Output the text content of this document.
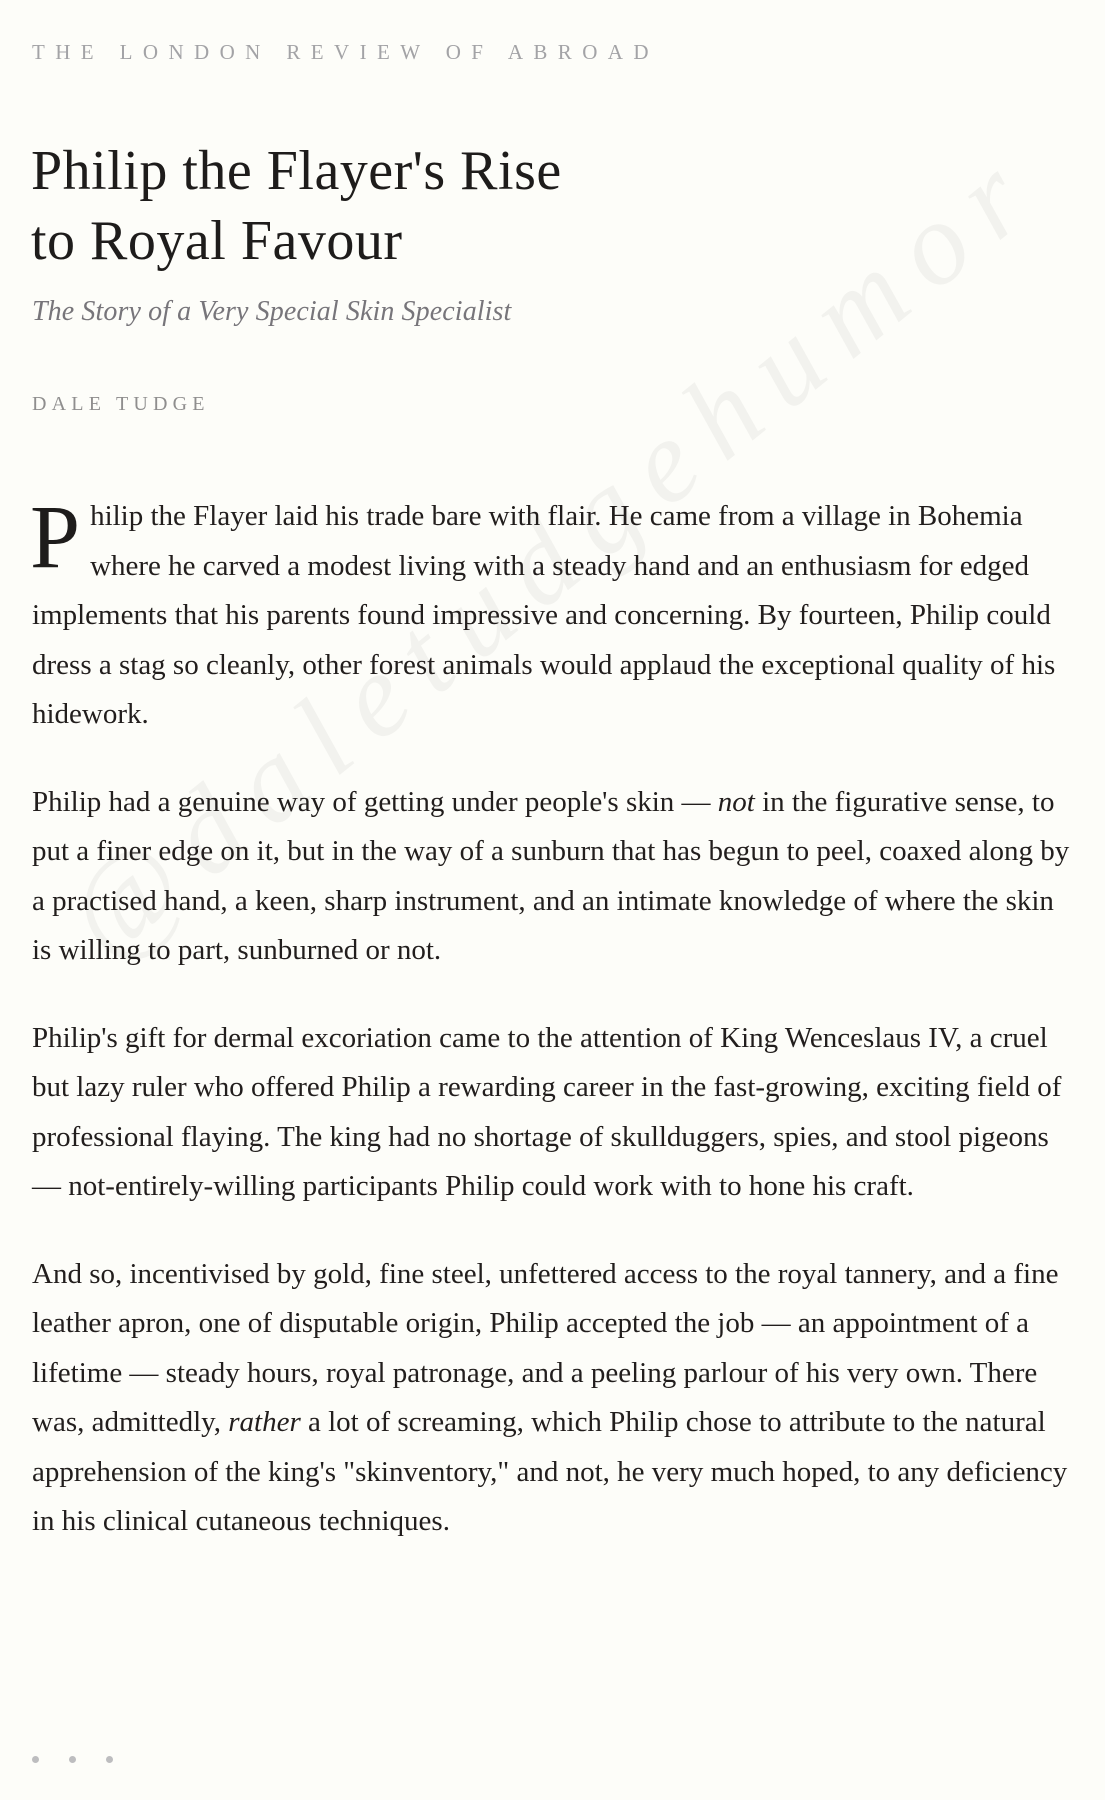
THE LONDON REVIEW OF ABROAD
Philip the Flayer's Rise
to Royal Favour

The Story of a Very Special Skin Specialist

DALE TUDGE

Philip the Flayer laid his trade bare with flair. He came from a village in Bohemia where he carved a modest living with a steady hand and an enthusiasm for edged implements that his parents found impressive and concerning. By fourteen, Philip could dress a stag so cleanly, other forest animals would applaud the exceptional quality of his hidework.

Philip had a genuine way of getting under people's skin — not in the figurative sense, to put a finer edge on it, but in the way of a sunburn that has begun to peel, coaxed along by a practised hand, a keen, sharp instrument, and an intimate knowledge of where the skin is willing to part, sunburned or not.

Philip's gift for dermal excoriation came to the attention of King Wenceslaus IV, a cruel but lazy ruler who offered Philip a rewarding career in the fast-growing, exciting field of professional flaying. The king had no shortage of skullduggers, spies, and stool pigeons — not-entirely-willing participants Philip could work with to hone his craft.

And so, incentivised by gold, fine steel, unfettered access to the royal tannery, and a fine leather apron, one of disputable origin, Philip accepted the job — an appointment of a lifetime — steady hours, royal patronage, and a peeling parlour of his very own. There was, admittedly, rather a lot of screaming, which Philip chose to attribute to the natural apprehension of the king's "skinventory," and not, he very much hoped, to any deficiency in his clinical cutaneous techniques.
